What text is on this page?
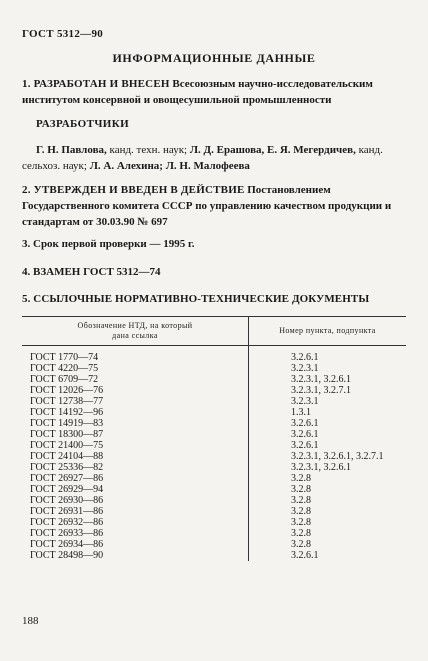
ГОСТ 5312—90
ИНФОРМАЦИОННЫЕ ДАННЫЕ
1. РАЗРАБОТАН И ВНЕСЕН Всесоюзным научно-исследовательским институтом консервной и овощесушильной промышленности
РАЗРАБОТЧИКИ
Г. Н. Павлова, канд. техн. наук; Л. Д. Ерашова, Е. Я. Мегердичев, канд. сельхоз. наук; Л. А. Алехина; Л. Н. Малофеева
2. УТВЕРЖДЕН И ВВЕДЕН В ДЕЙСТВИЕ Постановлением Государственного комитета СССР по управлению качеством продукции и стандартам от 30.03.90 № 697
3. Срок первой проверки — 1995 г.
4. ВЗАМЕН ГОСТ 5312—74
5. ССЫЛОЧНЫЕ НОРМАТИВНО-ТЕХНИЧЕСКИЕ ДОКУМЕНТЫ
Обозначение НТД, на который
дана ссылка	Номер пункта, подпункта
ГОСТ 1770—74	3.2.6.1
ГОСТ 4220—75	3.2.3.1
ГОСТ 6709—72	3.2.3.1, 3.2.6.1
ГОСТ 12026—76	3.2.3.1, 3.2.7.1
ГОСТ 12738—77	3.2.3.1
ГОСТ 14192—96	1.3.1
ГОСТ 14919—83	3.2.6.1
ГОСТ 18300—87	3.2.6.1
ГОСТ 21400—75	3.2.6.1
ГОСТ 24104—88	3.2.3.1, 3.2.6.1, 3.2.7.1
ГОСТ 25336—82	3.2.3.1, 3.2.6.1
ГОСТ 26927—86	3.2.8
ГОСТ 26929—94	3.2.8
ГОСТ 26930—86	3.2.8
ГОСТ 26931—86	3.2.8
ГОСТ 26932—86	3.2.8
ГОСТ 26933—86	3.2.8
ГОСТ 26934—86	3.2.8
ГОСТ 28498—90	3.2.6.1
188
